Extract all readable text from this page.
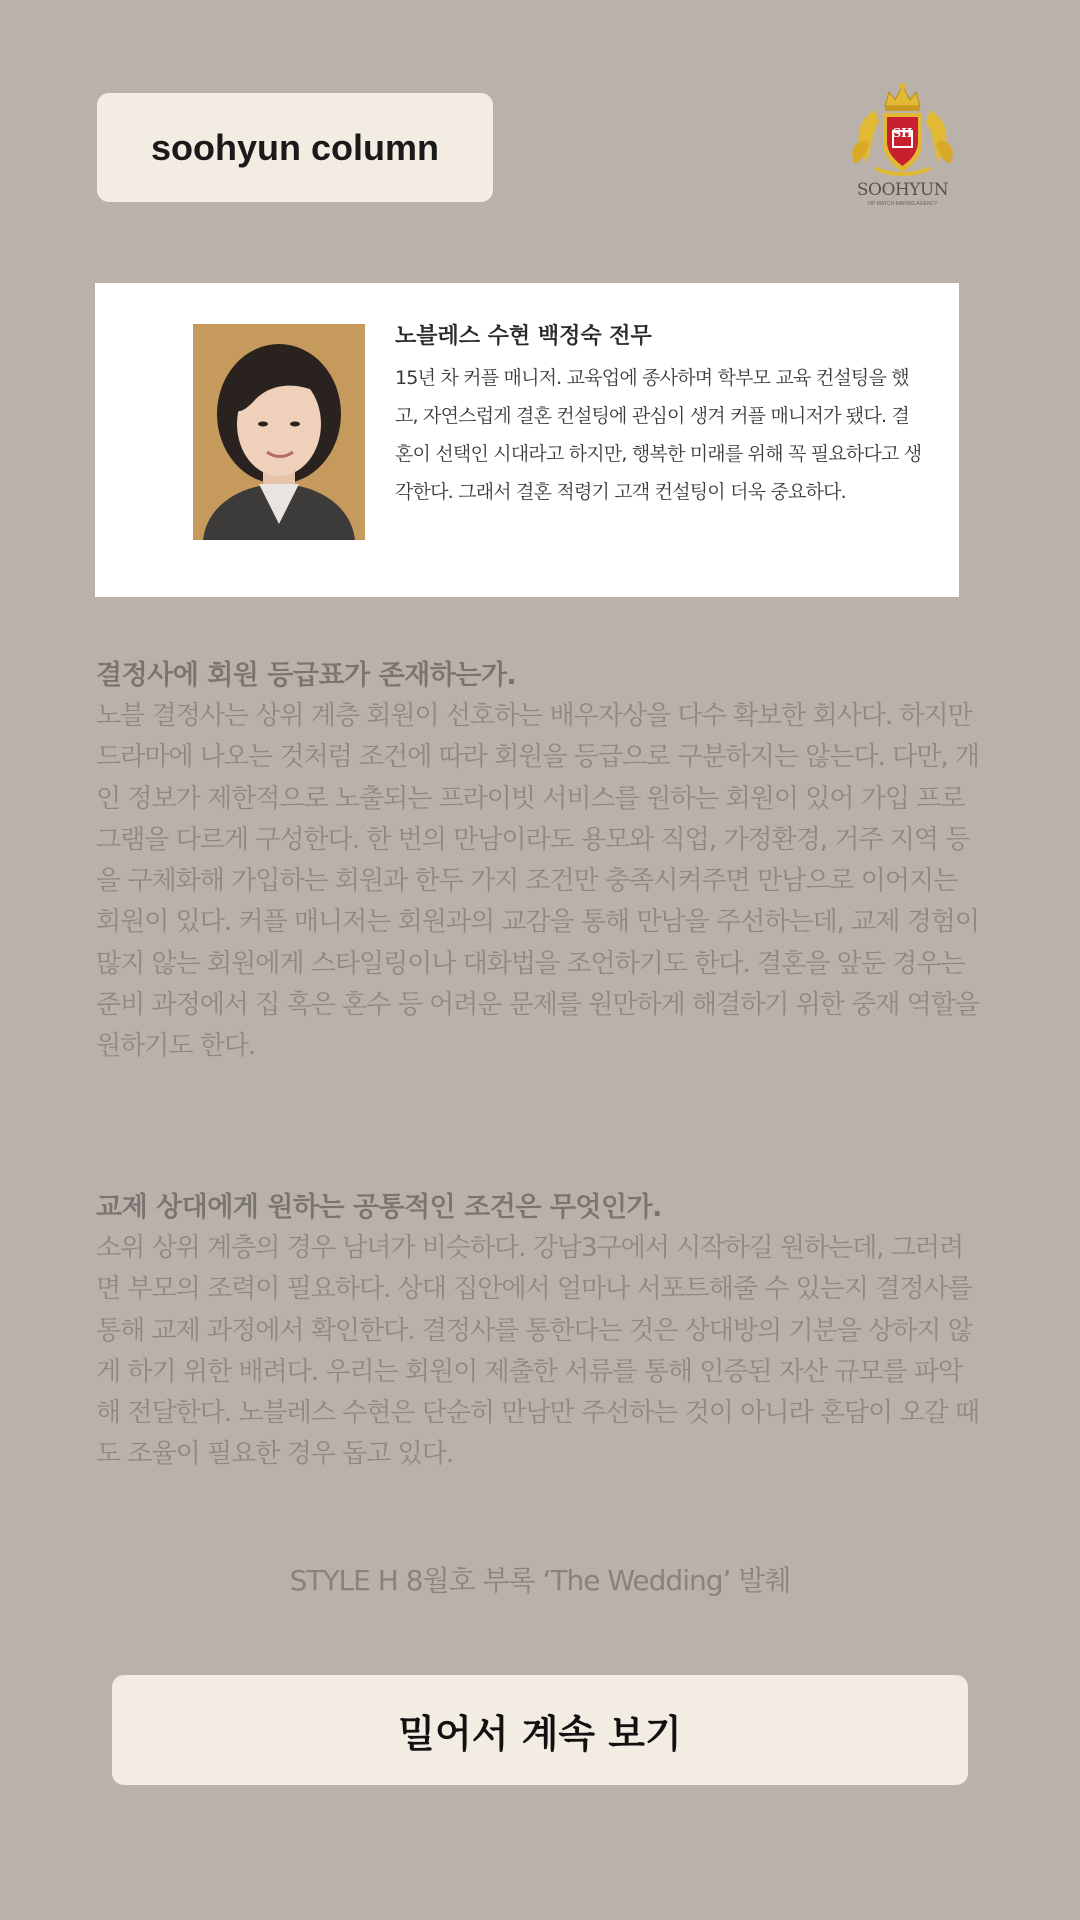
soohyun column	SH
SOOHYUN
VIP MATCH MAKING AGENCY
노블레스 수현 백정숙 전무
15년 차 커플 매니저. 교육업에 종사하며 학부모 교육 컨설팅을 했고, 자연스럽게 결혼 컨설팅에 관심이 생겨 커플 매니저가 됐다. 결혼이 선택인 시대라고 하지만, 행복한 미래를 위해 꼭 필요하다고 생각한다. 그래서 결혼 적령기 고객 컨설팅이 더욱 중요하다.
결정사에 회원 등급표가 존재하는가.

노블 결정사는 상위 계층 회원이 선호하는 배우자상을 다수 확보한 회사다. 하지만 드라마에 나오는 것처럼 조건에 따라 회원을 등급으로 구분하지는 않는다. 다만, 개인 정보가 제한적으로 노출되는 프라이빗 서비스를 원하는 회원이 있어 가입 프로그램을 다르게 구성한다. 한 번의 만남이라도 용모와 직업, 가정환경, 거주 지역 등을 구체화해 가입하는 회원과 한두 가지 조건만 충족시켜주면 만남으로 이어지는 회원이 있다. 커플 매니저는 회원과의 교감을 통해 만남을 주선하는데, 교제 경험이 많지 않는 회원에게 스타일링이나 대화법을 조언하기도 한다. 결혼을 앞둔 경우는 준비 과정에서 집 혹은 혼수 등 어려운 문제를 원만하게 해결하기 위한 중재 역할을 원하기도 한다.

교제 상대에게 원하는 공통적인 조건은 무엇인가.

소위 상위 계층의 경우 남녀가 비슷하다. 강남3구에서 시작하길 원하는데, 그러려면 부모의 조력이 필요하다. 상대 집안에서 얼마나 서포트해줄 수 있는지 결정사를 통해 교제 과정에서 확인한다. 결정사를 통한다는 것은 상대방의 기분을 상하지 않게 하기 위한 배려다. 우리는 회원이 제출한 서류를 통해 인증된 자산 규모를 파악해 전달한다. 노블레스 수현은 단순히 만남만 주선하는 것이 아니라 혼담이 오갈 때도 조율이 필요한 경우 돕고 있다.

STYLE H 8월호 부록 ‘The Wedding’ 발췌
밀어서 계속 보기
